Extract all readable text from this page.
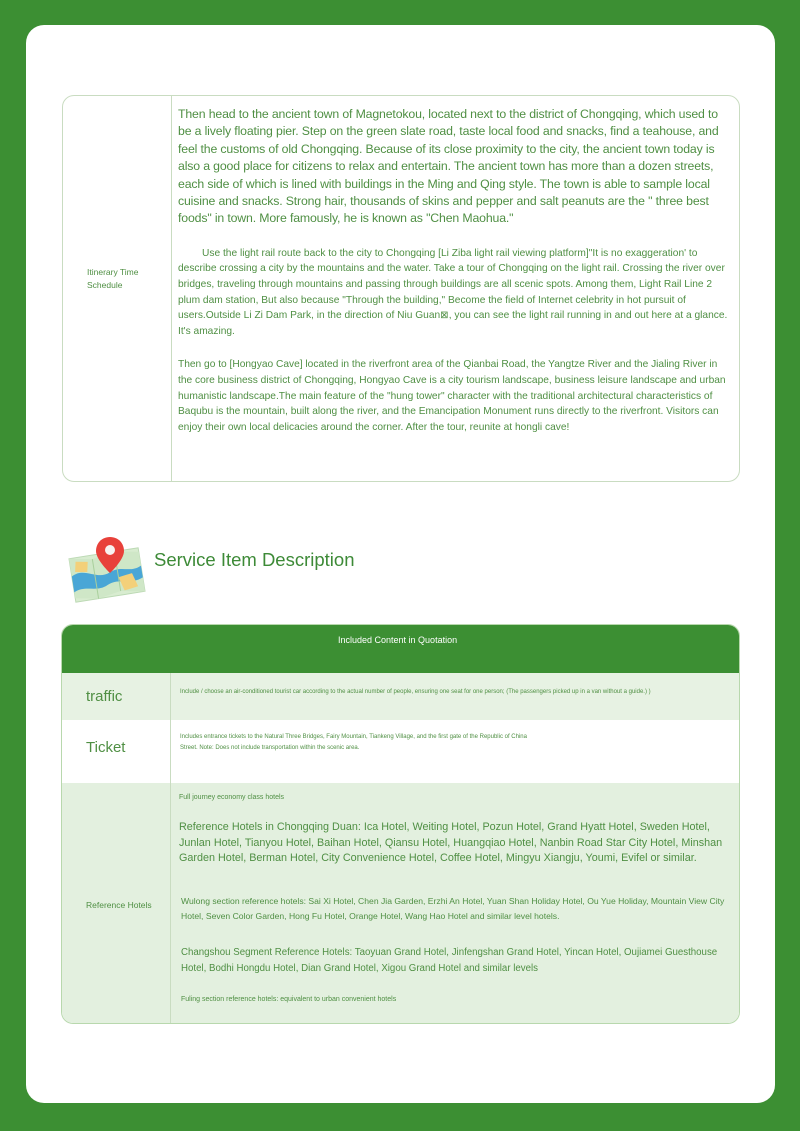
Itinerary Time Schedule

Then head to the ancient town of Magnetokou, located next to the district of Chongqing, which used to be a lively floating pier. Step on the green slate road, taste local food and snacks, find a teahouse, and feel the customs of old Chongqing. Because of its close proximity to the city, the ancient town today is also a good place for citizens to relax and entertain. The ancient town has more than a dozen streets, each side of which is lined with buildings in the Ming and Qing style. The town is able to sample local cuisine and snacks. Strong hair, thousands of skins and pepper and salt peanuts are the " three best foods" in town. More famously, he is known as "Chen Maohua."

Use the light rail route back to the city to Chongqing [Li Ziba light rail viewing platform]"It is no exaggeration' to describe crossing a city by the mountains and the water. Take a tour of Chongqing on the light rail. Crossing the river over bridges, traveling through mountains and passing through buildings are all scenic spots. Among them, Light Rail Line 2 plum dam station, But also because "Through the building," Become the field of Internet celebrity in hot pursuit of users.Outside Li Zi Dam Park, in the direction of Niu Guan⊠, you can see the light rail running in and out here at a glance. It's amazing.

Then go to [Hongyao Cave] located in the riverfront area of the Qianbai Road, the Yangtze River and the Jialing River in the core business district of Chongqing, Hongyao Cave is a city tourism landscape, business leisure landscape and urban humanistic landscape.The main feature of the "hung tower" character with the traditional architectural characteristics of Baqubu is the mountain, built along the river, and the Emancipation Monument runs directly to the riverfront. Visitors can enjoy their own local delicacies around the corner. After the tour, reunite at hongli cave!

Service Item Description
Included Content in Quotation
traffic	Include / choose an air-conditioned tourist car according to the actual number of people, ensuring one seat for one person; (The passengers picked up in a van without a guide.) )
Ticket
Includes entrance tickets to the Natural Three Bridges, Fairy Mountain, Tiankeng Village, and the first gate of the Republic of China Street. Note: Does not include transportation within the scenic area.
Reference Hotels
Full journey economy class hotels
Reference Hotels in Chongqing Duan: Ica Hotel, Weiting Hotel, Pozun Hotel, Grand Hyatt Hotel, Sweden Hotel, Junlan Hotel, Tianyou Hotel, Baihan Hotel, Qiansu Hotel, Huangqiao Hotel, Nanbin Road Star City Hotel, Minshan Garden Hotel, Berman Hotel, City Convenience Hotel, Coffee Hotel, Mingyu Xiangju, Youmi, Evifel or similar.
Wulong section reference hotels: Sai Xi Hotel, Chen Jia Garden, Erzhi An Hotel, Yuan Shan Holiday Hotel, Ou Yue Holiday, Mountain View City Hotel, Seven Color Garden, Hong Fu Hotel, Orange Hotel, Wang Hao Hotel and similar level hotels.
Changshou Segment Reference Hotels: Taoyuan Grand Hotel, Jinfengshan Grand Hotel, Yincan Hotel, Oujiamei Guesthouse Hotel, Bodhi Hongdu Hotel, Dian Grand Hotel, Xigou Grand Hotel and similar levels
Fuling section reference hotels: equivalent to urban convenient hotels
